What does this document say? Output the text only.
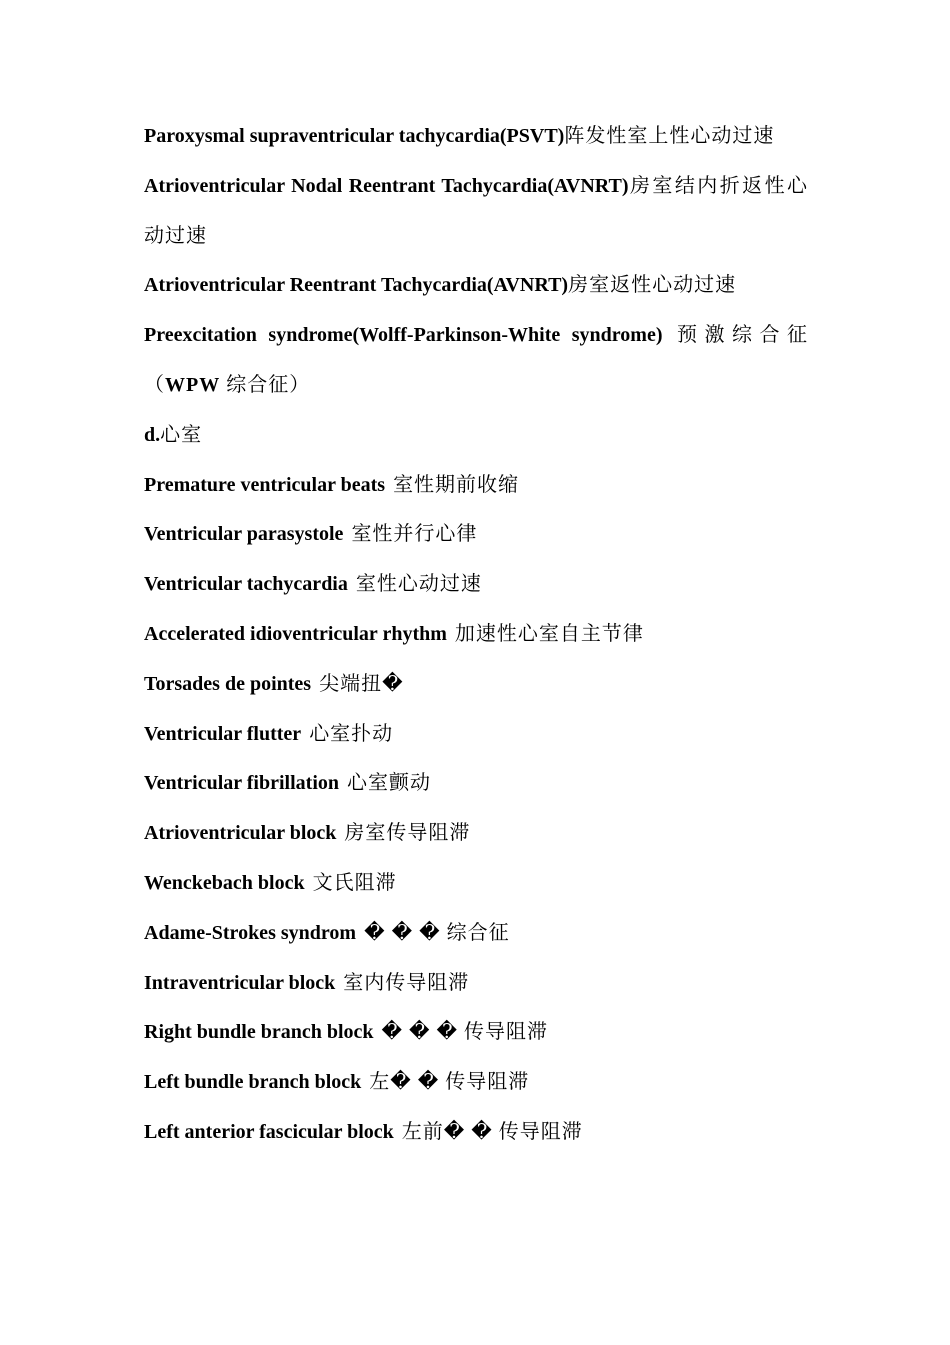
Paroxysmal supraventricular tachycardia(PSVT)阵发性室上性心动过速
Atrioventricular Nodal Reentrant Tachycardia(AVNRT)房室结内折返性心动过速
Atrioventricular Reentrant Tachycardia(AVNRT)房室返性心动过速
Preexcitation syndrome(Wolff-Parkinson-White syndrome) 预激综合征（WPW 综合征）
d.心室
Premature ventricular beats 室性期前收缩
Ventricular parasystole 室性并行心律
Ventricular tachycardia 室性心动过速
Accelerated idioventricular rhythm 加速性心室自主节律
Torsades de pointes 尖端扭�
Ventricular flutter 心室扑动
Ventricular fibrillation 心室颤动
Atrioventricular block 房室传导阻滞
Wenckebach block 文氏阻滞
Adame-Strokes syndrom � � � 综合征
Intraventricular block 室内传导阻滞
Right bundle branch block � � � 传导阻滞
Left bundle branch block 左� � 传导阻滞
Left anterior fascicular block 左前� � 传导阻滞
